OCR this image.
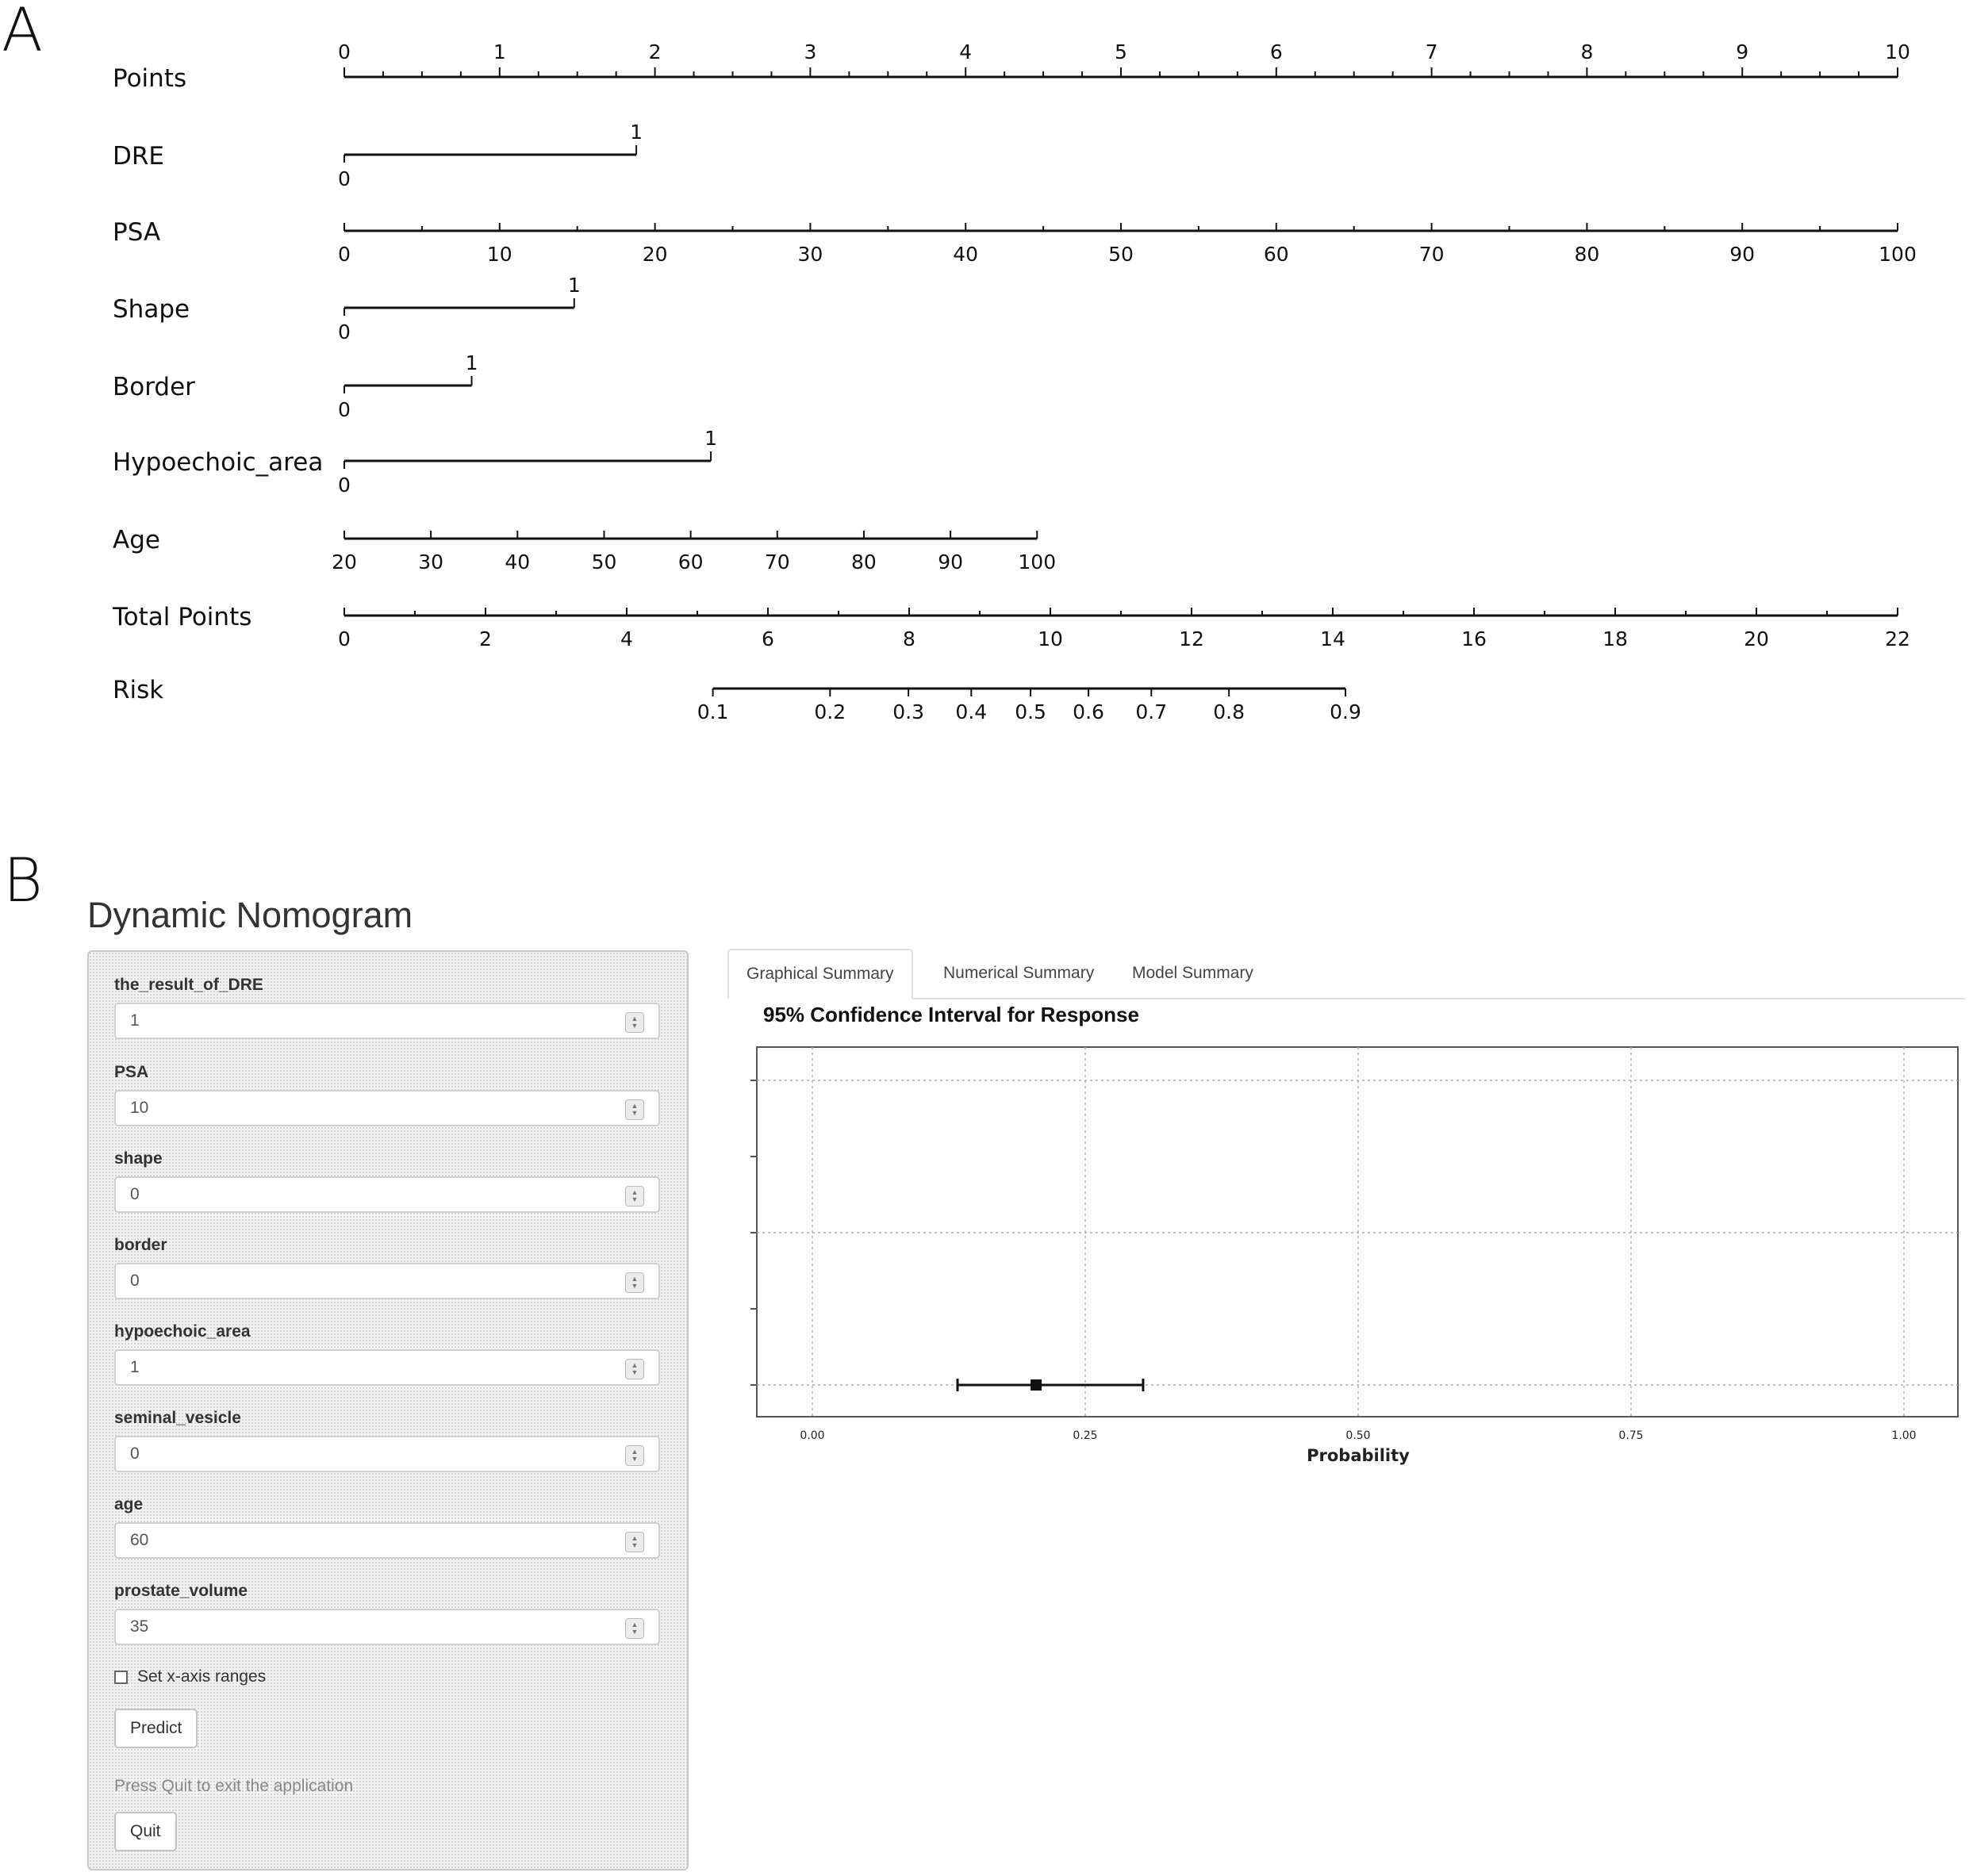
A
Points
DRE
PSA
Shape
Border
Hypoechoic_area
Age
Total Points
Risk
0	1	2	3	4	5	6	7	8	9	10
0
1
0
1
0
1
0
1
0	10	20	30	40	50	60	70	80	90	100
20	30	40	50	60	70	80	90	100
0	2	4	6	8	10	12	14	16	18	20	22
0.1	0.2 0.3 0.4 0.5 0.6 0.7 0.8	0.9
B Dynamic Nomogram
the_result_of_DRE
1	▲
▼
PSA
10	▲
▼
shape
0	▲
▼
border
0	▲
▼
hypoechoic_area
1	▲
▼
seminal_vesicle
0	▲
▼
age
60	▲
▼
prostate_volume
35	▲
▼
Set x-axis ranges
Predict
Press Quit to exit the application
Quit
Graphical Summary	Numerical Summary	Model Summary
95% Confidence Interval for Response
0.00	0.25	0.50	0.75	1.00
Probability
